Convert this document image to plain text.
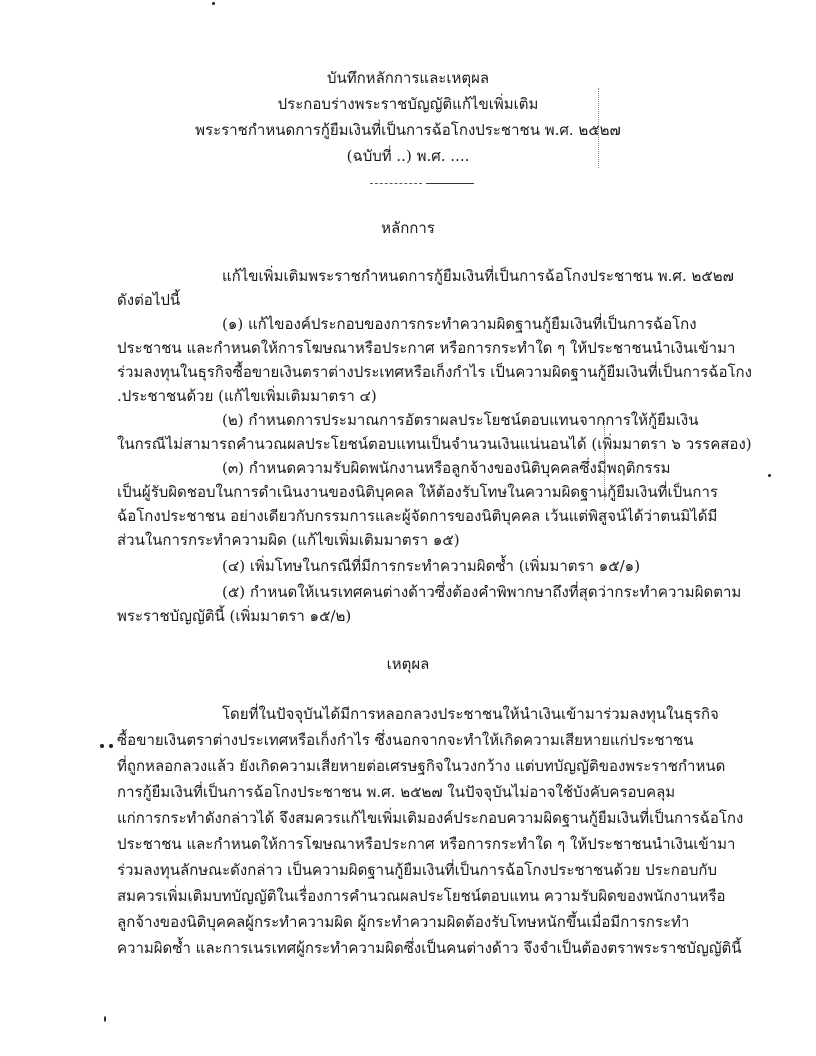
บันทึกหลักการและเหตุผล
ประกอบร่างพระราชบัญญัติแก้ไขเพิ่มเติม
พระราชกำหนดการกู้ยืมเงินที่เป็นการฉ้อโกงประชาชน พ.ศ. ๒๕๒๗
(ฉบับที่ ..) พ.ศ. ....
หลักการ
แก้ไขเพิ่มเติมพระราชกำหนดการกู้ยืมเงินที่เป็นการฉ้อโกงประชาชน พ.ศ. ๒๕๒๗
ดังต่อไปนี้
(๑) แก้ไของค์ประกอบของการกระทำความผิดฐานกู้ยืมเงินที่เป็นการฉ้อโกง
ประชาชน และกำหนดให้การโฆษณาหรือประกาศ หรือการกระทำใด ๆ ให้ประชาชนนำเงินเข้ามา
ร่วมลงทุนในธุรกิจซื้อขายเงินตราต่างประเทศหรือเก็งกำไร เป็นความผิดฐานกู้ยืมเงินที่เป็นการฉ้อโกง
.ประชาชนด้วย (แก้ไขเพิ่มเติมมาตรา ๔)
(๒) กำหนดการประมาณการอัตราผลประโยชน์ตอบแทนจากการให้กู้ยืมเงิน
ในกรณีไม่สามารถคำนวณผลประโยชน์ตอบแทนเป็นจำนวนเงินแน่นอนได้ (เพิ่มมาตรา ๖ วรรคสอง)
(๓) กำหนดความรับผิดพนักงานหรือลูกจ้างของนิติบุคคลซึ่งมีพฤติกรรม
เป็นผู้รับผิดชอบในการดำเนินงานของนิติบุคคล ให้ต้องรับโทษในความผิดฐานกู้ยืมเงินที่เป็นการ
ฉ้อโกงประชาชน อย่างเดียวกับกรรมการและผู้จัดการของนิติบุคคล เว้นแต่พิสูจน์ได้ว่าตนมิได้มี
ส่วนในการกระทำความผิด (แก้ไขเพิ่มเติมมาตรา ๑๕)
(๔) เพิ่มโทษในกรณีที่มีการกระทำความผิดซ้ำ (เพิ่มมาตรา ๑๕/๑)
(๕) กำหนดให้เนรเทศคนต่างด้าวซึ่งต้องคำพิพากษาถึงที่สุดว่ากระทำความผิดตาม
พระราชบัญญัตินี้ (เพิ่มมาตรา ๑๕/๒)
เหตุผล
โดยที่ในปัจจุบันได้มีการหลอกลวงประชาชนให้นำเงินเข้ามาร่วมลงทุนในธุรกิจ
ซื้อขายเงินตราต่างประเทศหรือเก็งกำไร ซึ่งนอกจากจะทำให้เกิดความเสียหายแก่ประชาชน
ที่ถูกหลอกลวงแล้ว ยังเกิดความเสียหายต่อเศรษฐกิจในวงกว้าง แต่บทบัญญัติของพระราชกำหนด
การกู้ยืมเงินที่เป็นการฉ้อโกงประชาชน พ.ศ. ๒๕๒๗ ในปัจจุบันไม่อาจใช้บังคับครอบคลุม
แก่การกระทำดังกล่าวได้ จึงสมควรแก้ไขเพิ่มเติมองค์ประกอบความผิดฐานกู้ยืมเงินที่เป็นการฉ้อโกง
ประชาชน และกำหนดให้การโฆษณาหรือประกาศ หรือการกระทำใด ๆ ให้ประชาชนนำเงินเข้ามา
ร่วมลงทุนลักษณะดังกล่าว เป็นความผิดฐานกู้ยืมเงินที่เป็นการฉ้อโกงประชาชนด้วย ประกอบกับ
สมควรเพิ่มเติมบทบัญญัติในเรื่องการคำนวณผลประโยชน์ตอบแทน ความรับผิดของพนักงานหรือ
ลูกจ้างของนิติบุคคลผู้กระทำความผิด ผู้กระทำความผิดต้องรับโทษหนักขึ้นเมื่อมีการกระทำ
ความผิดซ้ำ และการเนรเทศผู้กระทำความผิดซึ่งเป็นคนต่างด้าว จึงจำเป็นต้องตราพระราชบัญญัตินี้
